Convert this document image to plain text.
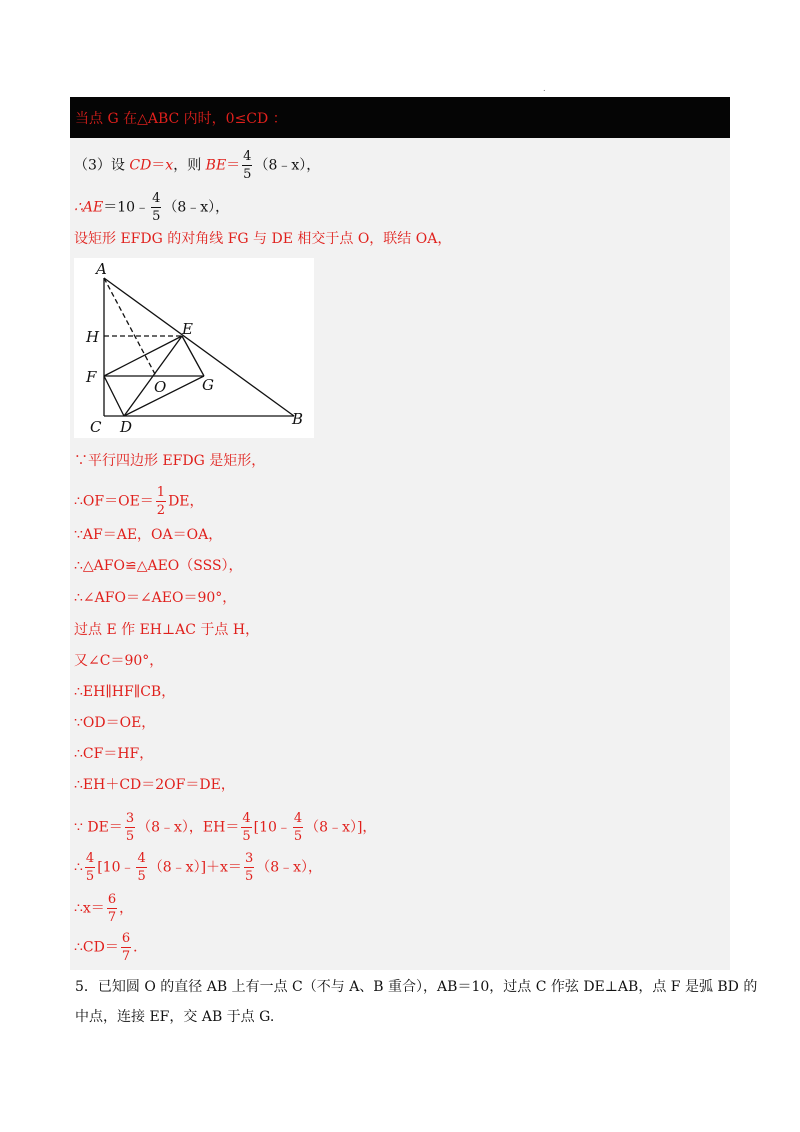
.
当点 G 在△ABC 内时，0≤CD ：
（3）设 CD＝x，则 $BE= \frac{4}{5}$ （8﹣x），
∴AE＝10﹣ $\frac{4}{5}$ （8﹣x），
设矩形 EFDG 的对角线 FG 与 DE 相交于点 O，联结 OA，
A
H	E
F
O G
C D	B
∵平行四边形 EFDG 是矩形，
∴OF＝OE＝ $\frac{1}{2}$ DE，
∵AF＝AE，OA＝OA，
∴△AFO≌△AEO（SSS），
∴∠AFO＝∠AEO＝90°，
过点 E 作 EH⊥AC 于点 H，
又∠C＝90°，
∴EH∥HF∥CB，
∵OD＝OE，
∴CF＝HF，
∴EH＋CD＝2OF＝DE，
∵ $DE= \frac{3}{5}$ （8﹣x），$EH= \frac{4}{5}$ [10﹣ $\frac{4}{5}$ （8﹣x）]，
∴ $\frac{4}{5}$ [10﹣ $\frac{4}{5}$ （8﹣x）]＋x＝ $\frac{3}{5}$ （8﹣x），
∴x＝ $\frac{6}{7}$ ，
∴CD＝ $\frac{6}{7}$ ．
5．已知圆 O 的直径 AB 上有一点 C（不与 A、B 重合），AB＝10，过点 C 作弦 DE⊥AB，点 F 是弧 BD 的
中点，连接 EF，交 AB 于点 G.
